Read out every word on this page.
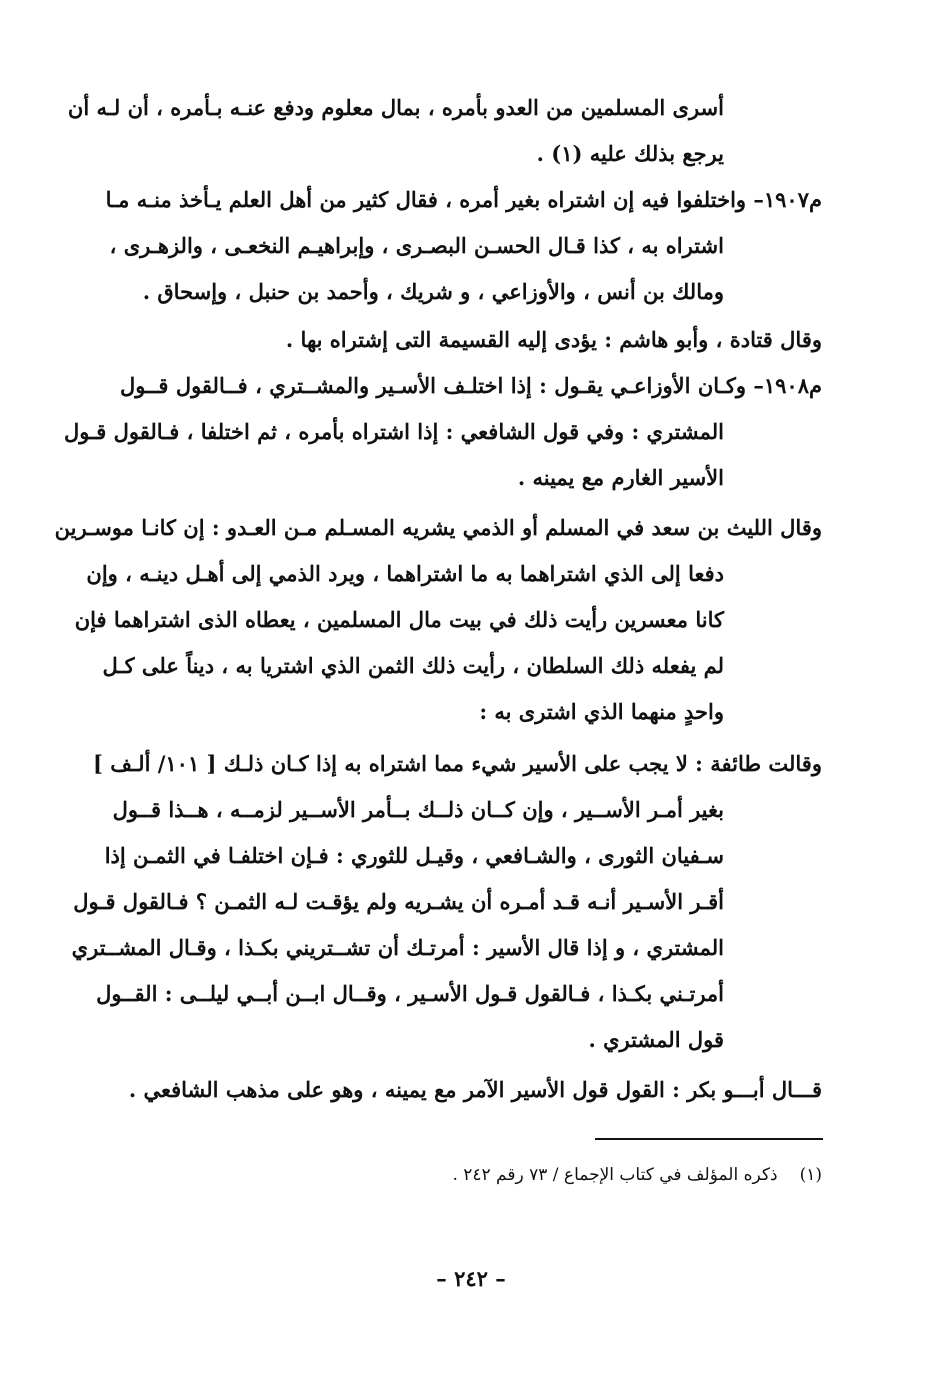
أسرى المسلمين من العدو بأمره ، بمال معلوم ودفع عنـه بـأمره ، أن لـه أن
يرجع بذلك عليه (١) .
م١٩٠٧– واختلفوا فيه إن اشتراه بغير أمره ، فقال كثير من أهل العلم يـأخذ منـه مـا
اشتراه به ، كذا قـال الحسـن البصـرى ، وإبراهيـم النخعـى ، والزهـرى ،
ومالك بن أنس ، والأوزاعي ، و شريك ، وأحمد بن حنبل ، وإسحاق .
وقال قتادة ، وأبو هاشم : يؤدى إليه القسيمة التى إشتراه بها .
م١٩٠٨– وكـان الأوزاعـي يقـول : إذا اختلـف الأسـير والمشــتري ، فــالقول قــول
المشتري : وفي قول الشافعي : إذا اشتراه بأمره ، ثم اختلفا ، فـالقول قـول
الأسير الغارم مع يمينه .
وقال الليث بن سعد في المسلم أو الذمي يشريه المسـلم مـن العـدو : إن كانـا موسـرين
دفعا إلى الذي اشتراهما به ما اشتراهما ، ويرد الذمي إلى أهـل دينـه ، وإن
كانا معسرين رأيت ذلك في بيت مال المسلمين ، يعطاه الذى اشتراهما فإن
لم يفعله ذلك السلطان ، رأيت ذلك الثمن الذي اشتريا به ، ديناً على كـل
واحدٍ منهما الذي اشترى به :
وقالت طائفة : لا يجب على الأسير شيء مما اشتراه به إذا كـان ذلـك [ ١٠١/ ألـف ]
بغير أمـر الأســير ، وإن كــان ذلــك بــأمر الأســير لزمــه ، هــذا قــول
سـفيان الثورى ، والشـافعي ، وقيـل للثوري : فـإن اختلفـا في الثمـن إذا
أقـر الأسـير أنـه قـد أمـره أن يشـريه ولم يؤقـت لـه الثمـن ؟ فـالقول قـول
المشتري ، و إذا قال الأسير : أمرتـك أن تشــتريني بكـذا ، وقـال المشــتري
أمرتـني بكـذا ، فـالقول قـول الأسـير ، وقــال ابــن أبــي ليلــى : القــول
قول المشتري .
قـــال أبـــو بكر : القول قول الأسير الآمر مع يمينه ، وهو على مذهب الشافعي .
(١)ذكره المؤلف في كتاب الإجماع / ٧٣ رقم ٢٤٢ .
– ٢٤٢ –
